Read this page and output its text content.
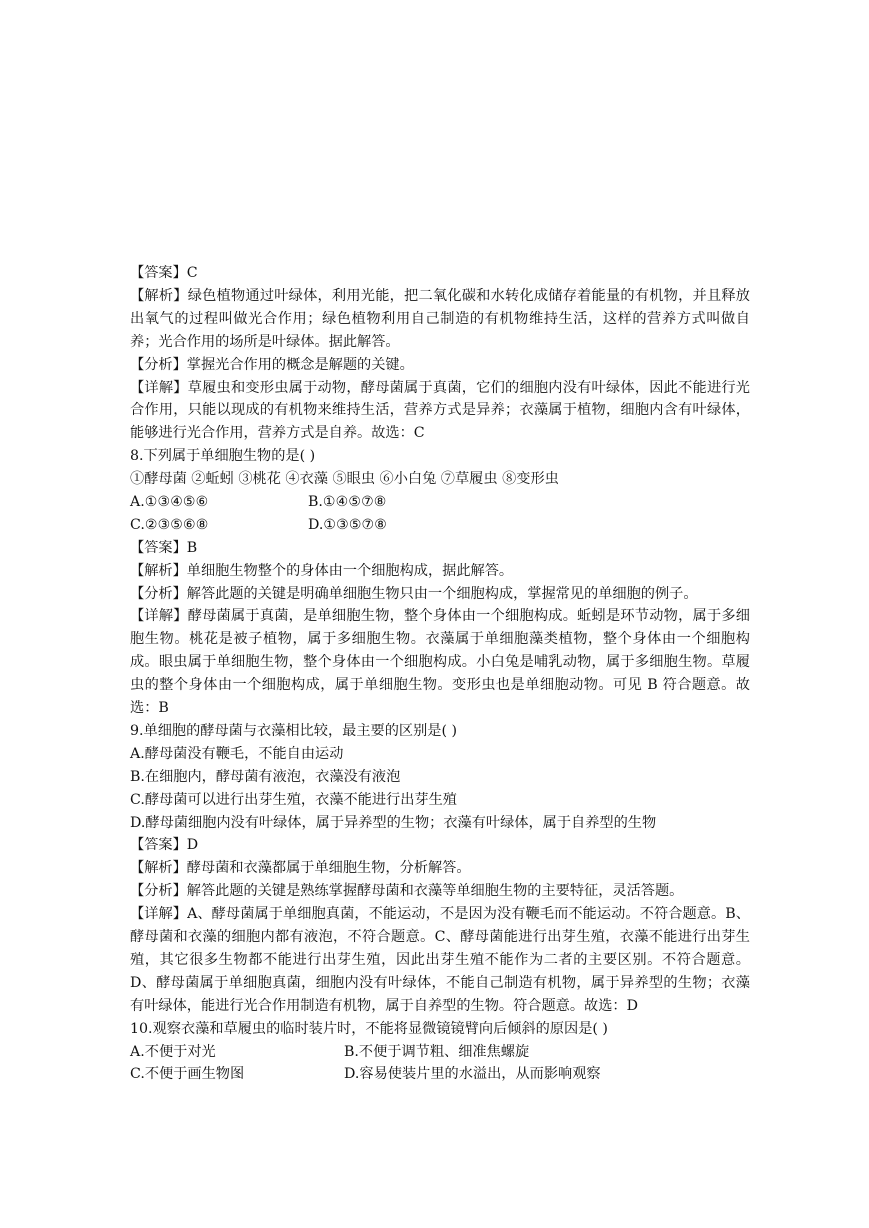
【答案】C
【解析】绿色植物通过叶绿体，利用光能，把二氧化碳和水转化成储存着能量的有机物，并且释放出氧气的过程叫做光合作用；绿色植物利用自己制造的有机物维持生活，这样的营养方式叫做自养；光合作用的场所是叶绿体。据此解答。
【分析】掌握光合作用的概念是解题的关键。
【详解】草履虫和变形虫属于动物，酵母菌属于真菌，它们的细胞内没有叶绿体，因此不能进行光合作用，只能以现成的有机物来维持生活，营养方式是异养；衣藻属于植物，细胞内含有叶绿体，能够进行光合作用，营养方式是自养。故选：C
8.下列属于单细胞生物的是( )
①酵母菌 ②蚯蚓 ③桃花 ④衣藻 ⑤眼虫 ⑥小白兔 ⑦草履虫 ⑧变形虫
A.①③④⑤⑥	B.①④⑤⑦⑧
C.②③⑤⑥⑧	D.①③⑤⑦⑧
【答案】B
【解析】单细胞生物整个的身体由一个细胞构成，据此解答。
【分析】解答此题的关键是明确单细胞生物只由一个细胞构成，掌握常见的单细胞的例子。
【详解】酵母菌属于真菌，是单细胞生物，整个身体由一个细胞构成。蚯蚓是环节动物，属于多细胞生物。桃花是被子植物，属于多细胞生物。衣藻属于单细胞藻类植物，整个身体由一个细胞构成。眼虫属于单细胞生物，整个身体由一个细胞构成。小白兔是哺乳动物，属于多细胞生物。草履虫的整个身体由一个细胞构成，属于单细胞生物。变形虫也是单细胞动物。可见 B 符合题意。故选：B
9.单细胞的酵母菌与衣藻相比较，最主要的区别是( )
A.酵母菌没有鞭毛，不能自由运动
B.在细胞内，酵母菌有液泡，衣藻没有液泡
C.酵母菌可以进行出芽生殖，衣藻不能进行出芽生殖
D.酵母菌细胞内没有叶绿体，属于异养型的生物；衣藻有叶绿体，属于自养型的生物
【答案】D
【解析】酵母菌和衣藻都属于单细胞生物，分析解答。
【分析】解答此题的关键是熟练掌握酵母菌和衣藻等单细胞生物的主要特征，灵活答题。
【详解】A、酵母菌属于单细胞真菌，不能运动，不是因为没有鞭毛而不能运动。不符合题意。B、酵母菌和衣藻的细胞内都有液泡，不符合题意。C、酵母菌能进行出芽生殖，衣藻不能进行出芽生殖，其它很多生物都不能进行出芽生殖，因此出芽生殖不能作为二者的主要区别。不符合题意。D、酵母菌属于单细胞真菌，细胞内没有叶绿体，不能自己制造有机物，属于异养型的生物；衣藻有叶绿体，能进行光合作用制造有机物，属于自养型的生物。符合题意。故选：D
10.观察衣藻和草履虫的临时装片时，不能将显微镜镜臂向后倾斜的原因是( )
A.不便于对光	B.不便于调节粗、细准焦螺旋
C.不便于画生物图	D.容易使装片里的水溢出，从而影响观察
